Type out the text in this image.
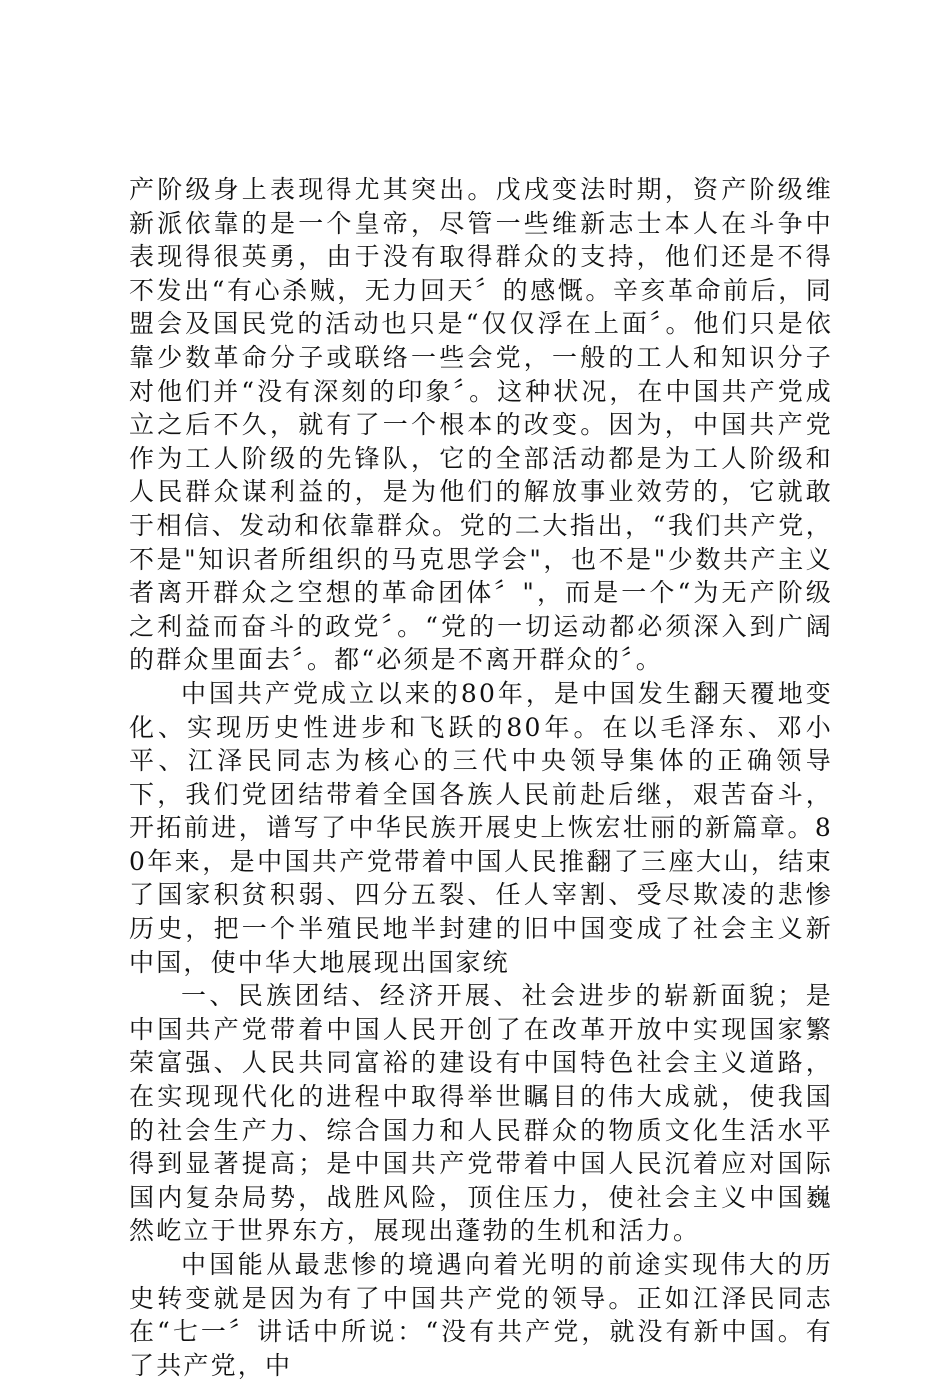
产阶级身上表现得尤其突出。戊戌变法时期，资产阶级维新派依靠的是一个皇帝，尽管一些维新志士本人在斗争中表现得很英勇，由于没有取得群众的支持，他们还是不得不发出“有心杀贼，无力回天〞的感慨。辛亥革命前后，同盟会及国民党的活动也只是“仅仅浮在上面〞。他们只是依靠少数革命分子或联络一些会党，一般的工人和知识分子对他们并“没有深刻的印象〞。这种状况，在中国共产党成立之后不久，就有了一个根本的改变。因为，中国共产党作为工人阶级的先锋队，它的全部活动都是为工人阶级和人民群众谋利益的，是为他们的解放事业效劳的，它就敢于相信、发动和依靠群众。党的二大指出，“我们共产党，不是"知识者所组织的马克思学会"，也不是"少数共产主义者离开群众之空想的革命团体〞"，而是一个“为无产阶级之利益而奋斗的政党〞。“党的一切运动都必须深入到广阔的群众里面去〞。都“必须是不离开群众的〞。

中国共产党成立以来的80年，是中国发生翻天覆地变化、实现历史性进步和飞跃的80年。在以毛泽东、邓小平、江泽民同志为核心的三代中央领导集体的正确领导下，我们党团结带着全国各族人民前赴后继，艰苦奋斗，开拓前进，谱写了中华民族开展史上恢宏壮丽的新篇章。80年来，是中国共产党带着中国人民推翻了三座大山，结束了国家积贫积弱、四分五裂、任人宰割、受尽欺凌的悲惨历史，把一个半殖民地半封建的旧中国变成了社会主义新中国，使中华大地展现出国家统

一、民族团结、经济开展、社会进步的崭新面貌；是中国共产党带着中国人民开创了在改革开放中实现国家繁荣富强、人民共同富裕的建设有中国特色社会主义道路，在实现现代化的进程中取得举世瞩目的伟大成就，使我国的社会生产力、综合国力和人民群众的物质文化生活水平得到显著提高；是中国共产党带着中国人民沉着应对国际国内复杂局势，战胜风险，顶住压力，使社会主义中国巍然屹立于世界东方，展现出蓬勃的生机和活力。

中国能从最悲惨的境遇向着光明的前途实现伟大的历史转变就是因为有了中国共产党的领导。正如江泽民同志在“七一〞讲话中所说：“没有共产党，就没有新中国。有了共产党，中
